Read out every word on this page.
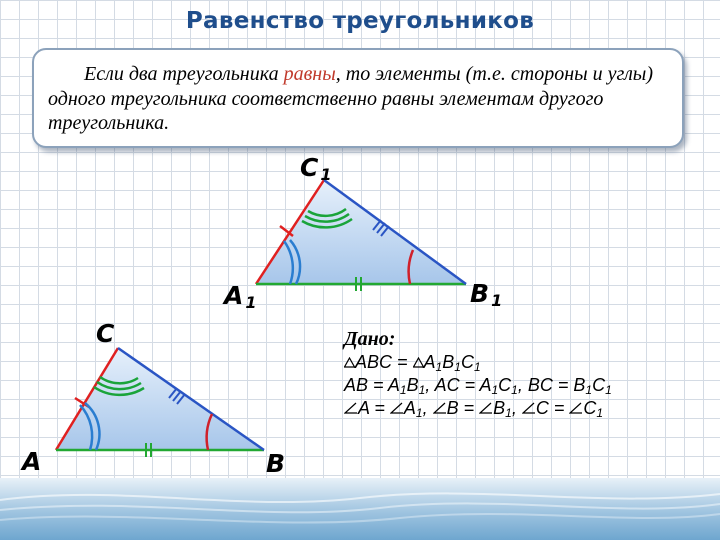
Равенство треугольников
Если два треугольника равны, то элементы (т.е. стороны и углы) одного треугольника соответственно равны элементам другого треугольника.
C 1
A 1	B 1
C
A	B
Дано:
ABC = $A_1B_1C_1$
AB = $A_1B_1$, AC = $A_1C_1$, BC = $B_1C_1$
$A = A_1$, $B = B_1$, $C = C_1$
